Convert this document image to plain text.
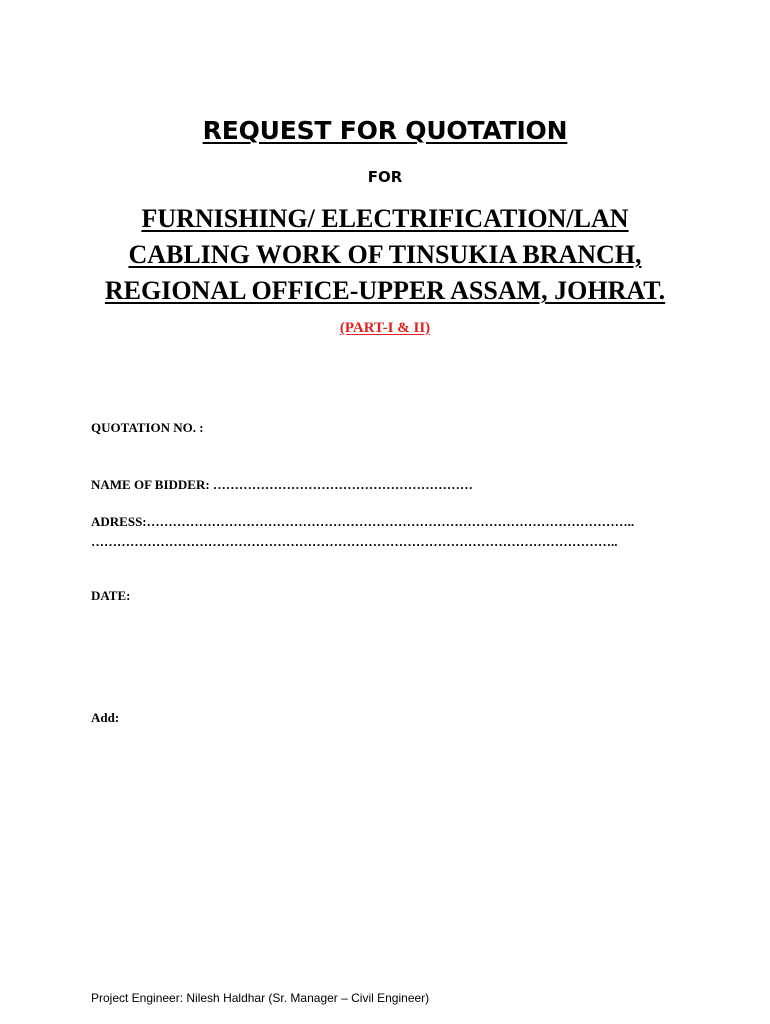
REQUEST FOR QUOTATION
FOR
FURNISHING/ ELECTRIFICATION/LAN
CABLING WORK OF TINSUKIA BRANCH,
REGIONAL OFFICE-UPPER ASSAM, JOHRAT.
(PART-I & II)
QUOTATION NO. :
NAME OF BIDDER: ……………………………………………………
ADRESS:…………………………………………………………………………………………………..
…………………………………………………………………………………………………………..
DATE:
Add:
Project Engineer: Nilesh Haldhar (Sr. Manager – Civil Engineer)
